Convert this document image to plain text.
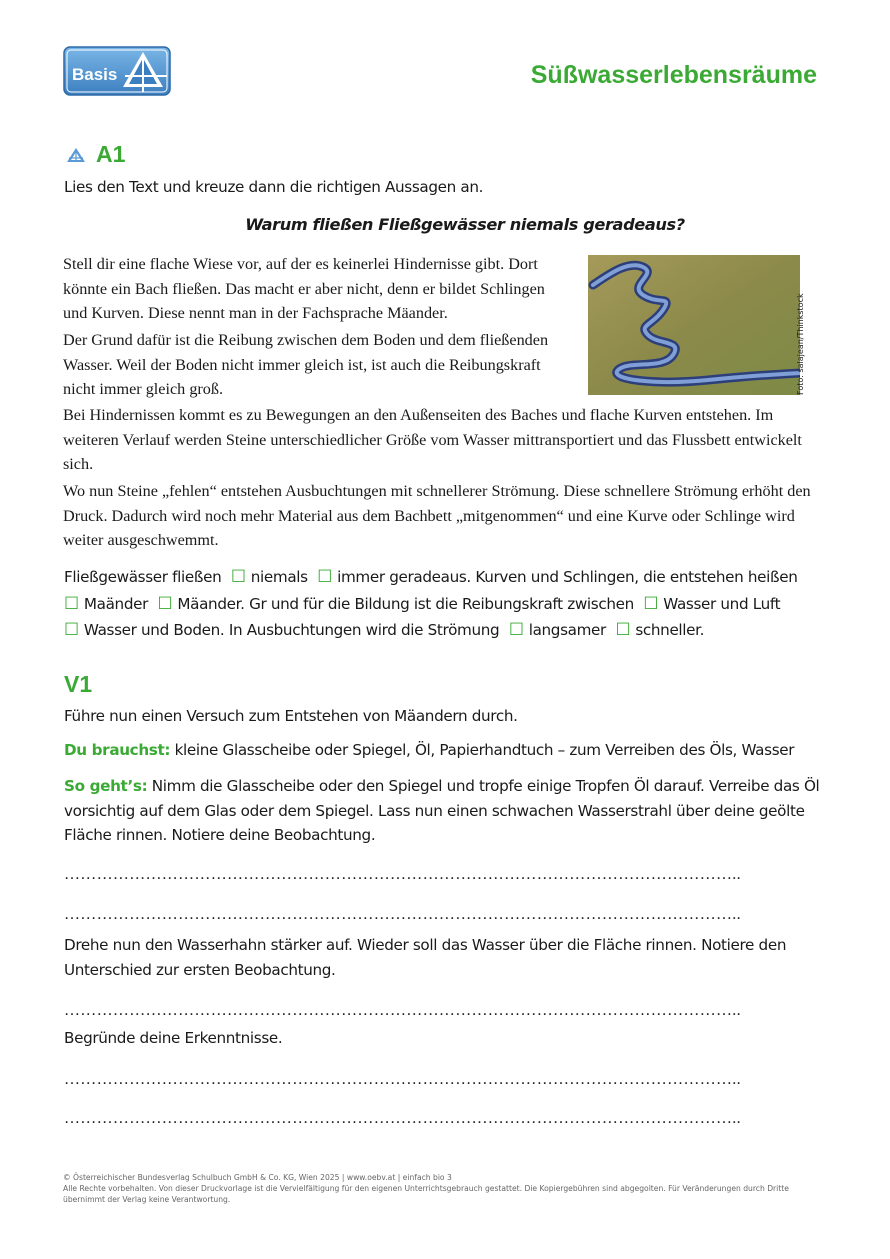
Basis	Süßwasserlebensräume
A1
Lies den Text und kreuze dann die richtigen Aussagen an.
Warum fließen Fließgewässer niemals geradeaus?
Stell dir eine flache Wiese vor, auf der es keinerlei Hindernisse gibt. Dort könnte ein Bach fließen. Das macht er aber nicht, denn er bildet Schlingen und Kurven. Diese nennt man in der Fachsprache Mäander.
Der Grund dafür ist die Reibung zwischen dem Boden und dem fließenden Wasser. Weil der Boden nicht immer gleich ist, ist auch die Reibungskraft nicht immer gleich groß.
Bei Hindernissen kommt es zu Bewegungen an den Außenseiten des Baches und flache Kurven entstehen. Im weiteren Verlauf werden Steine unterschiedlicher Größe vom Wasser mittransportiert und das Flussbett entwickelt sich.
Wo nun Steine „fehlen“ entstehen Ausbuchtungen mit schnellerer Strömung. Diese schnellere Strömung erhöht den Druck. Dadurch wird noch mehr Material aus dem Bachbett „mitgenommen“ und eine Kurve oder Schlinge wird weiter ausgeschwemmt.
Foto: salajean/Thinkstock
Fließgewässer fließen ☐ niemals ☐ immer geradeaus. Kurven und Schlingen, die entstehen heißen
☐ Maänder ☐ Mäander. Gr und für die Bildung ist die Reibungskraft zwischen ☐ Wasser und Luft
☐ Wasser und Boden. In Ausbuchtungen wird die Strömung ☐ langsamer ☐ schneller.
V1
Führe nun einen Versuch zum Entstehen von Mäandern durch.
Du brauchst: kleine Glasscheibe oder Spiegel, Öl, Papierhandtuch – zum Verreiben des Öls, Wasser
So geht’s: Nimm die Glasscheibe oder den Spiegel und tropfe einige Tropfen Öl darauf. Verreibe das Öl vorsichtig auf dem Glas oder dem Spiegel. Lass nun einen schwachen Wasserstrahl über deine geölte Fläche rinnen. Notiere deine Beobachtung.
……………………………………………………………………………………………………………..
……………………………………………………………………………………………………………..
Drehe nun den Wasserhahn stärker auf. Wieder soll das Wasser über die Fläche rinnen. Notiere den Unterschied zur ersten Beobachtung.
……………………………………………………………………………………………………………..
Begründe deine Erkenntnisse.
……………………………………………………………………………………………………………..
……………………………………………………………………………………………………………..
© Österreichischer Bundesverlag Schulbuch GmbH & Co. KG, Wien 2025 | www.oebv.at | einfach bio 3
Alle Rechte vorbehalten. Von dieser Druckvorlage ist die Vervielfältigung für den eigenen Unterrichtsgebrauch gestattet. Die Kopiergebühren sind abgegolten. Für Veränderungen durch Dritte übernimmt der Verlag keine Verantwortung.
